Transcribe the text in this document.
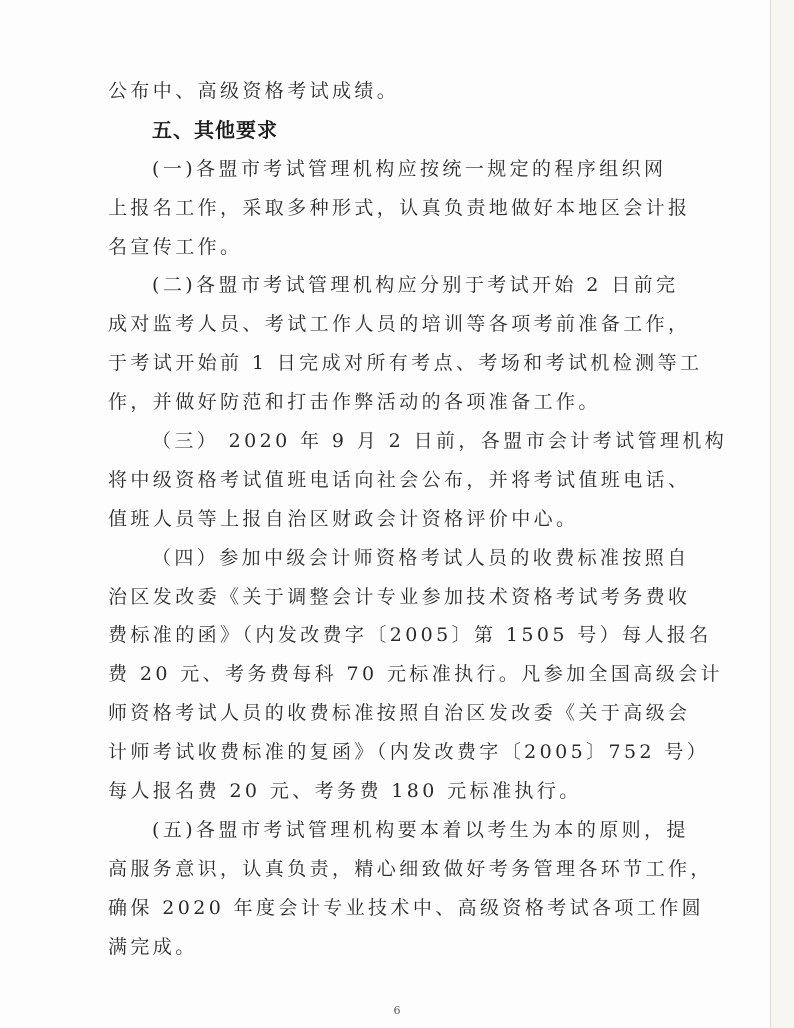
公布中、高级资格考试成绩。
五、其他要求
(一)各盟市考试管理机构应按统一规定的程序组织网
上报名工作，采取多种形式，认真负责地做好本地区会计报
名宣传工作。
(二)各盟市考试管理机构应分别于考试开始 2 日前完
成对监考人员、考试工作人员的培训等各项考前准备工作，
于考试开始前 1 日完成对所有考点、考场和考试机检测等工
作，并做好防范和打击作弊活动的各项准备工作。
（三） 2020 年 9 月 2 日前，各盟市会计考试管理机构
将中级资格考试值班电话向社会公布，并将考试值班电话、
值班人员等上报自治区财政会计资格评价中心。
（四）参加中级会计师资格考试人员的收费标准按照自
治区发改委《关于调整会计专业参加技术资格考试考务费收
费标准的函》（内发改费字〔2005〕第 1505 号）每人报名
费 20 元、考务费每科 70 元标准执行。凡参加全国高级会计
师资格考试人员的收费标准按照自治区发改委《关于高级会
计师考试收费标准的复函》（内发改费字〔2005〕752 号）
每人报名费 20 元、考务费 180 元标准执行。
(五)各盟市考试管理机构要本着以考生为本的原则，提
高服务意识，认真负责，精心细致做好考务管理各环节工作，
确保 2020 年度会计专业技术中、高级资格考试各项工作圆
满完成。
6
